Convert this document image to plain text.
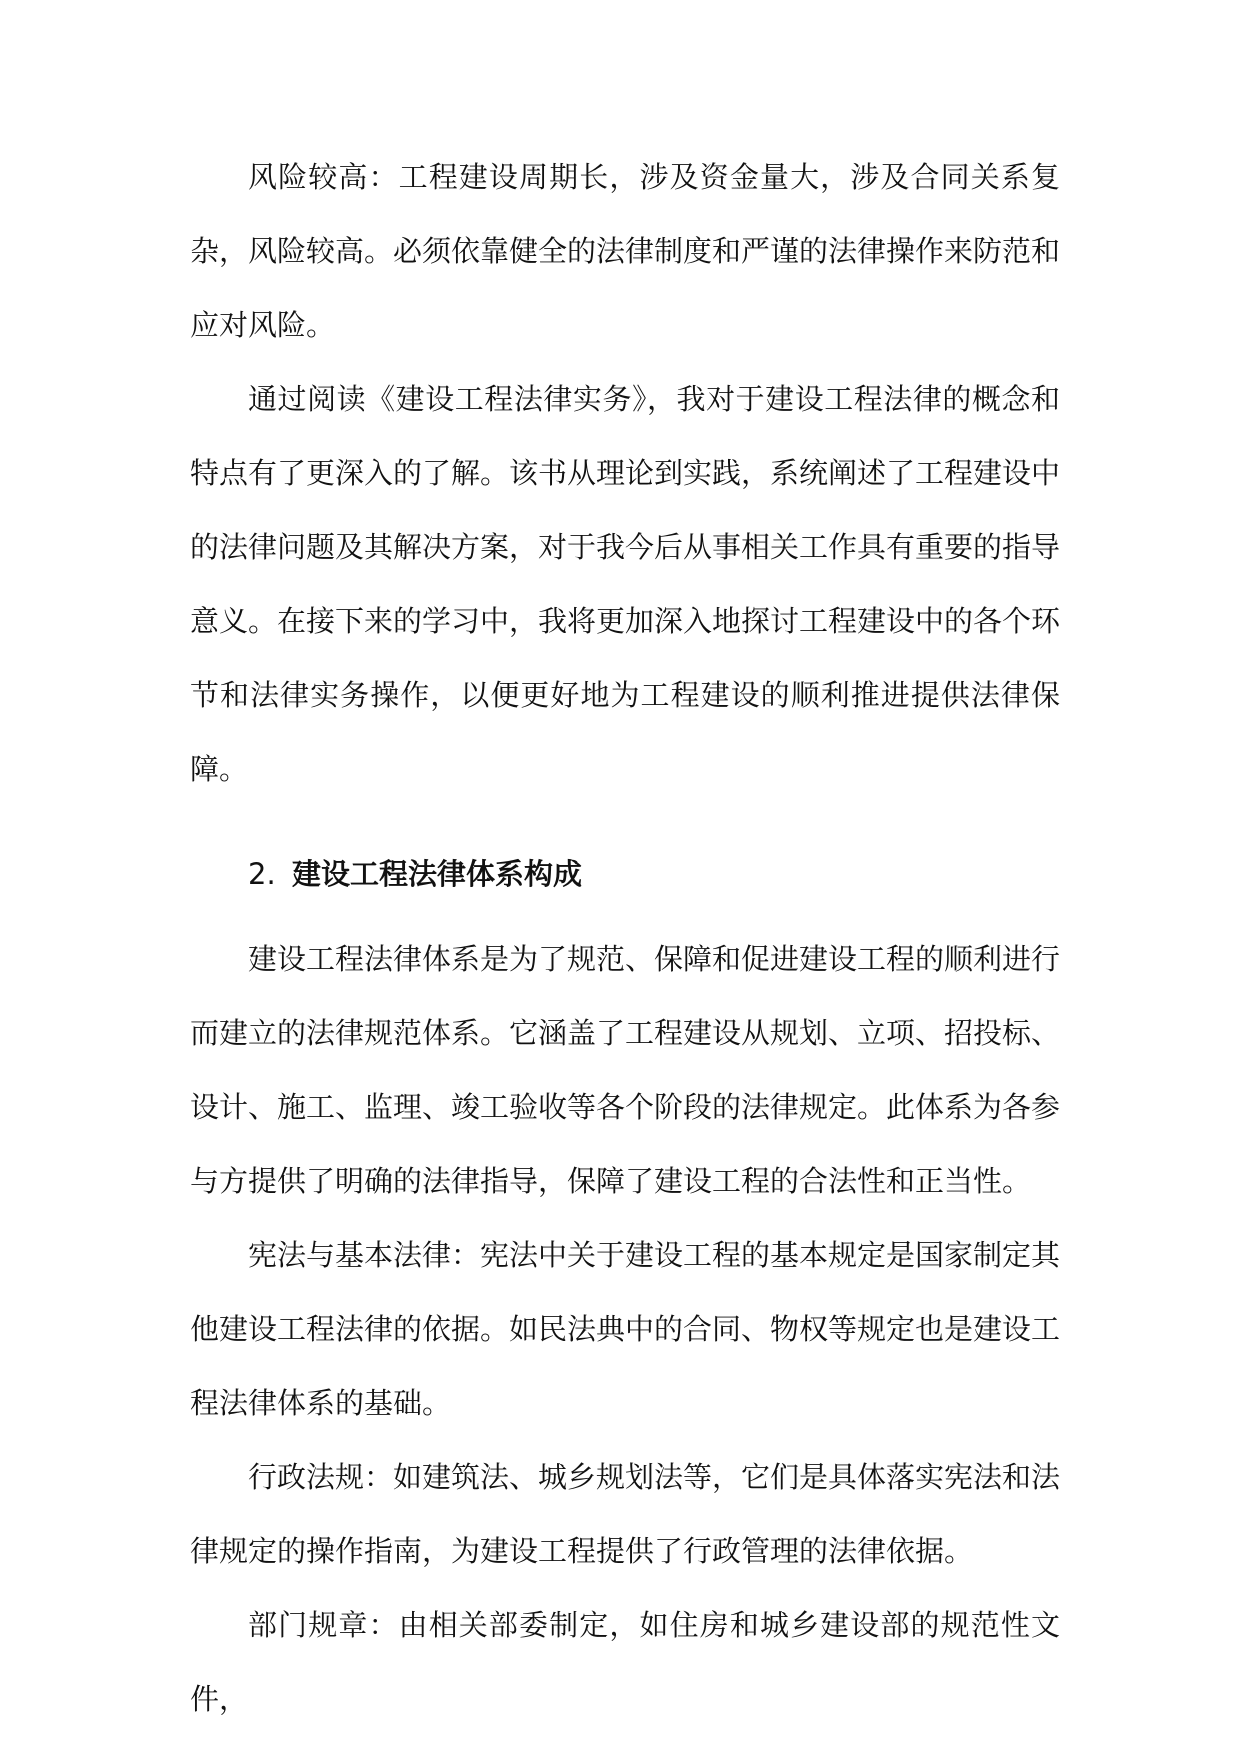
风险较高：工程建设周期长，涉及资金量大，涉及合同关系复杂，风险较高。必须依靠健全的法律制度和严谨的法律操作来防范和应对风险。

通过阅读《建设工程法律实务》，我对于建设工程法律的概念和特点有了更深入的了解。该书从理论到实践，系统阐述了工程建设中的法律问题及其解决方案，对于我今后从事相关工作具有重要的指导意义。在接下来的学习中，我将更加深入地探讨工程建设中的各个环节和法律实务操作，以便更好地为工程建设的顺利推进提供法律保障。

2. 建设工程法律体系构成

建设工程法律体系是为了规范、保障和促进建设工程的顺利进行而建立的法律规范体系。它涵盖了工程建设从规划、立项、招投标、设计、施工、监理、竣工验收等各个阶段的法律规定。此体系为各参与方提供了明确的法律指导，保障了建设工程的合法性和正当性。

宪法与基本法律：宪法中关于建设工程的基本规定是国家制定其他建设工程法律的依据。如民法典中的合同、物权等规定也是建设工程法律体系的基础。

行政法规：如建筑法、城乡规划法等，它们是具体落实宪法和法律规定的操作指南，为建设工程提供了行政管理的法律依据。

部门规章：由相关部委制定，如住房和城乡建设部的规范性文件，
